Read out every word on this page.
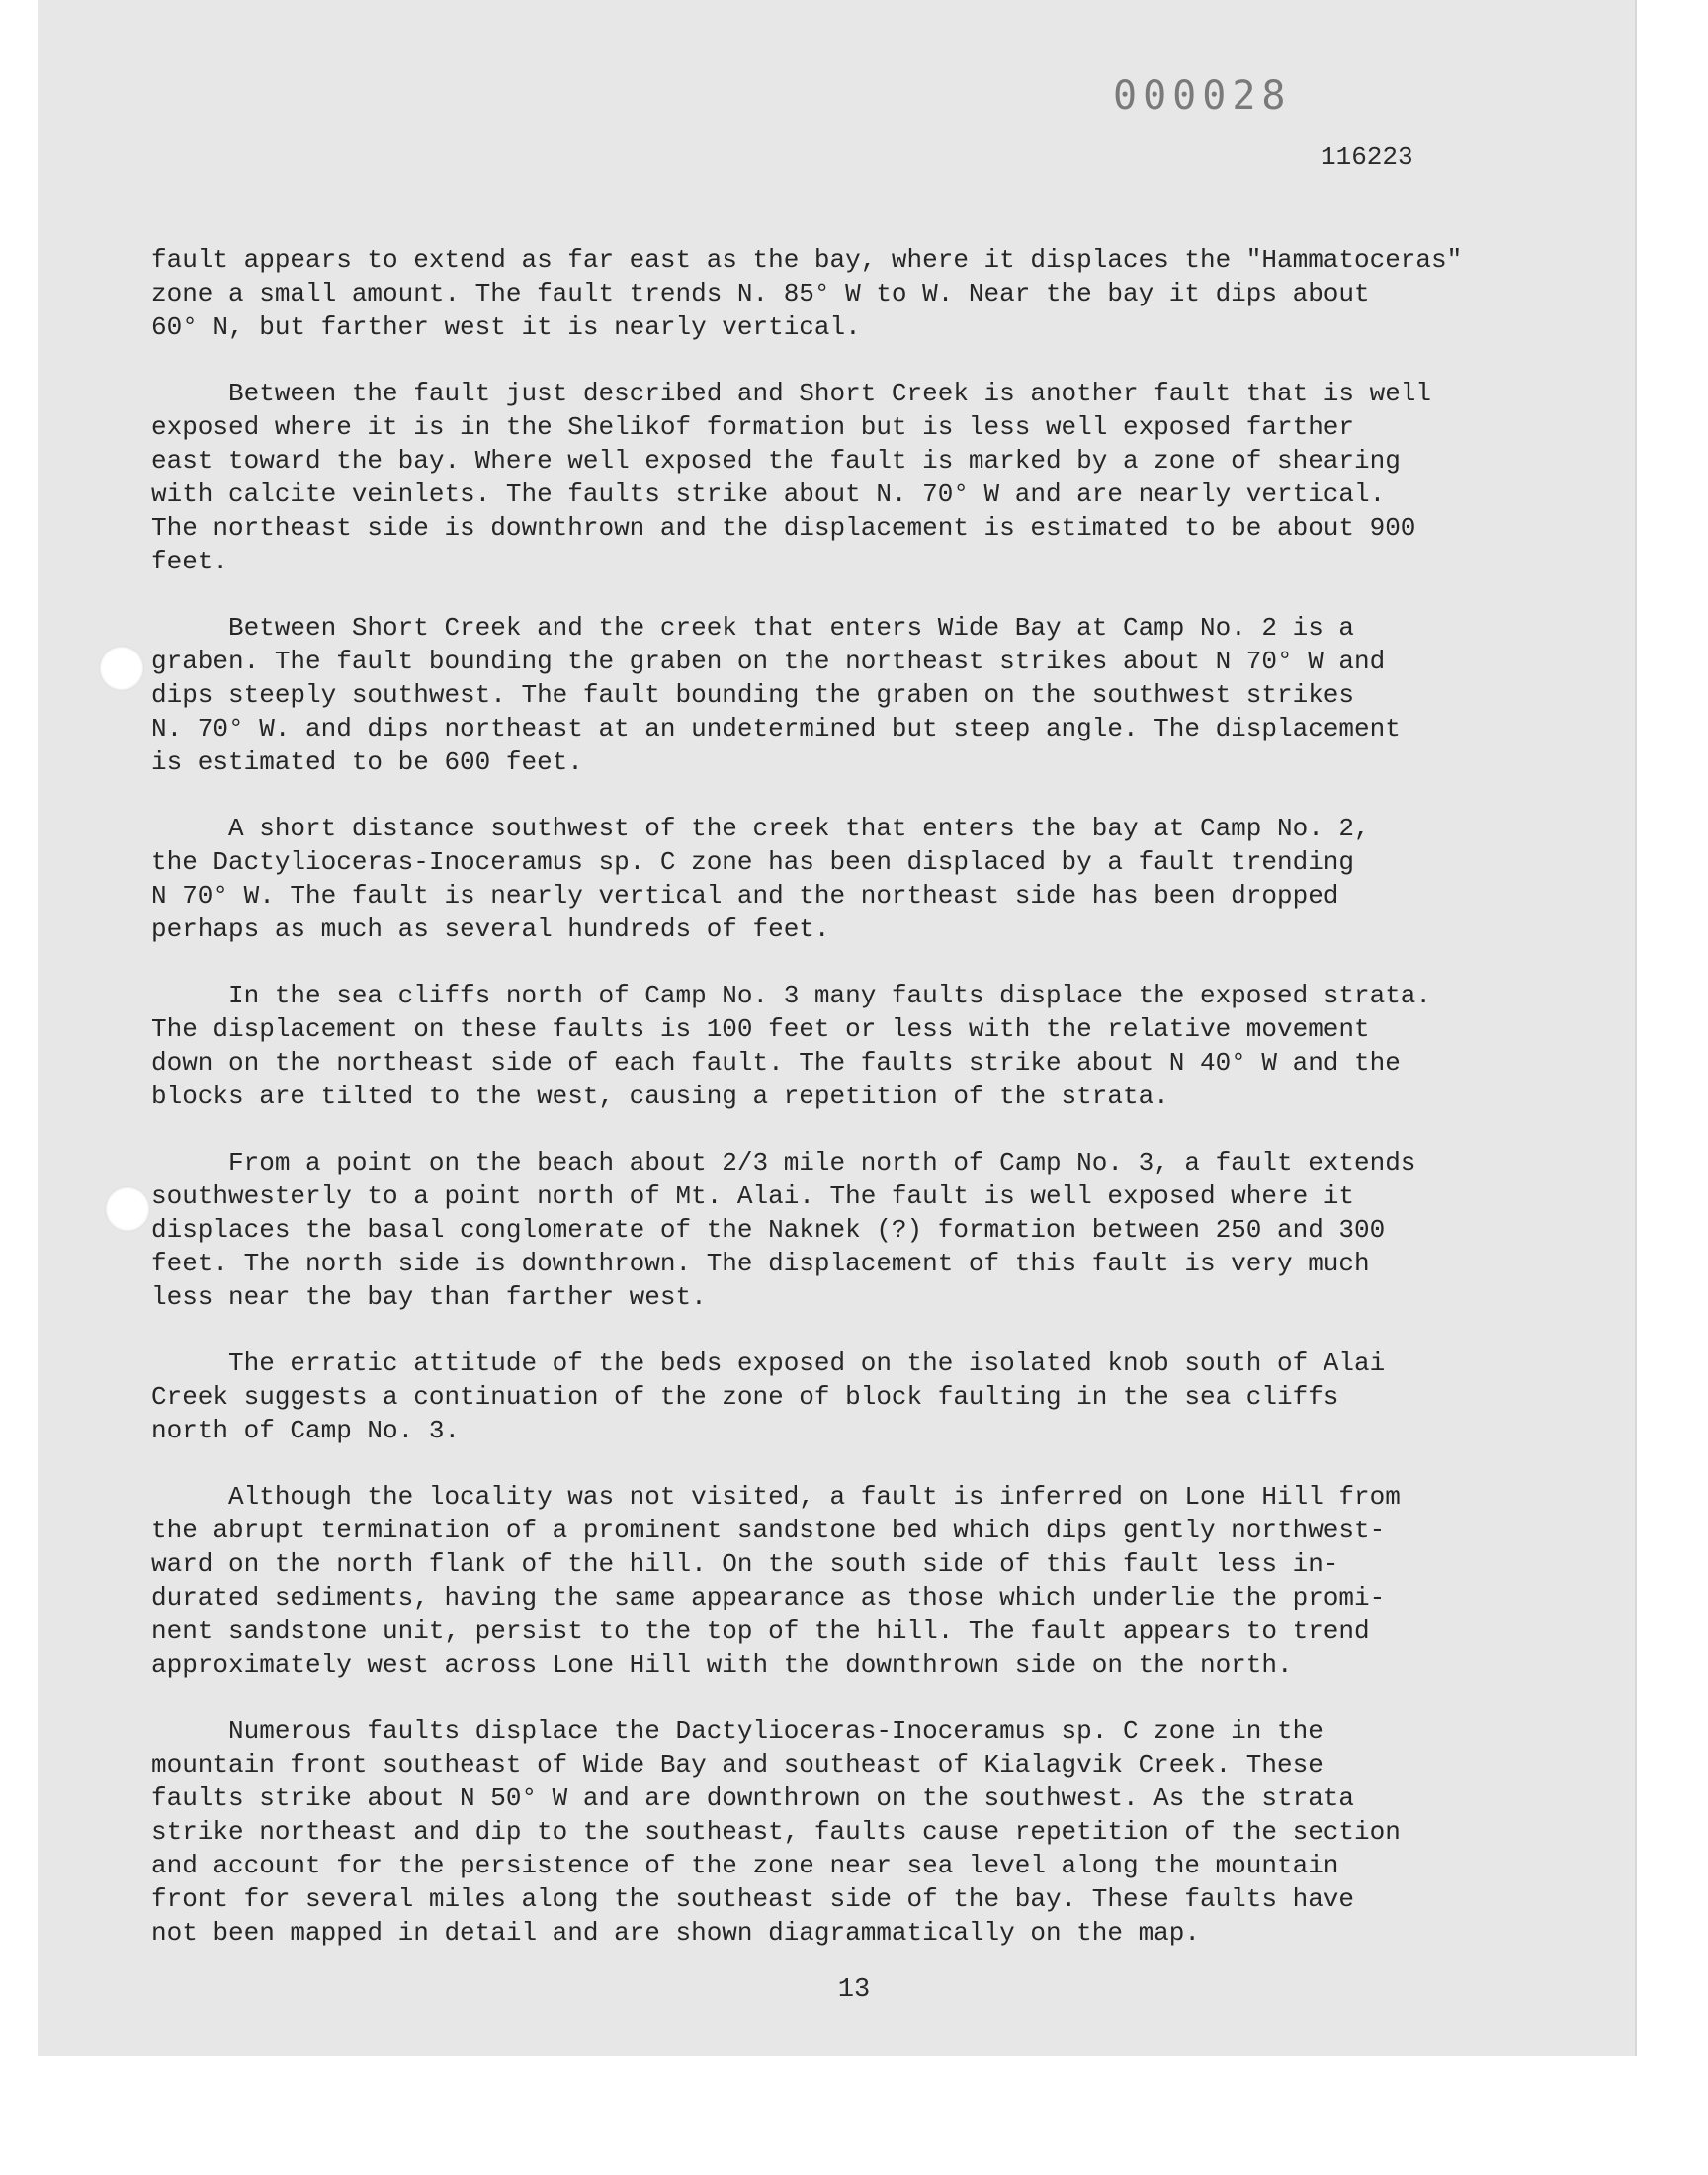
000028
116223

fault appears to extend as far east as the bay, where it displaces the "Hammatoceras"
zone a small amount. The fault trends N. 85° W to W. Near the bay it dips about
60° N, but farther west it is nearly vertical.

Between the fault just described and Short Creek is another fault that is well
exposed where it is in the Shelikof formation but is less well exposed farther
east toward the bay. Where well exposed the fault is marked by a zone of shearing
with calcite veinlets. The faults strike about N. 70° W and are nearly vertical.
The northeast side is downthrown and the displacement is estimated to be about 900
feet.

Between Short Creek and the creek that enters Wide Bay at Camp No. 2 is a
graben. The fault bounding the graben on the northeast strikes about N 70° W and
dips steeply southwest. The fault bounding the graben on the southwest strikes
N. 70° W. and dips northeast at an undetermined but steep angle. The displacement
is estimated to be 600 feet.

A short distance southwest of the creek that enters the bay at Camp No. 2,
the Dactylioceras-Inoceramus sp. C zone has been displaced by a fault trending
N 70° W. The fault is nearly vertical and the northeast side has been dropped
perhaps as much as several hundreds of feet.

In the sea cliffs north of Camp No. 3 many faults displace the exposed strata.
The displacement on these faults is 100 feet or less with the relative movement
down on the northeast side of each fault. The faults strike about N 40° W and the
blocks are tilted to the west, causing a repetition of the strata.

From a point on the beach about 2/3 mile north of Camp No. 3, a fault extends
southwesterly to a point north of Mt. Alai. The fault is well exposed where it
displaces the basal conglomerate of the Naknek (?) formation between 250 and 300
feet. The north side is downthrown. The displacement of this fault is very much
less near the bay than farther west.

The erratic attitude of the beds exposed on the isolated knob south of Alai
Creek suggests a continuation of the zone of block faulting in the sea cliffs
north of Camp No. 3.

Although the locality was not visited, a fault is inferred on Lone Hill from
the abrupt termination of a prominent sandstone bed which dips gently northwest-
ward on the north flank of the hill. On the south side of this fault less in-
durated sediments, having the same appearance as those which underlie the promi-
nent sandstone unit, persist to the top of the hill. The fault appears to trend
approximately west across Lone Hill with the downthrown side on the north.

Numerous faults displace the Dactylioceras-Inoceramus sp. C zone in the
mountain front southeast of Wide Bay and southeast of Kialagvik Creek. These
faults strike about N 50° W and are downthrown on the southwest. As the strata
strike northeast and dip to the southeast, faults cause repetition of the section
and account for the persistence of the zone near sea level along the mountain
front for several miles along the southeast side of the bay. These faults have
not been mapped in detail and are shown diagrammatically on the map.

13
